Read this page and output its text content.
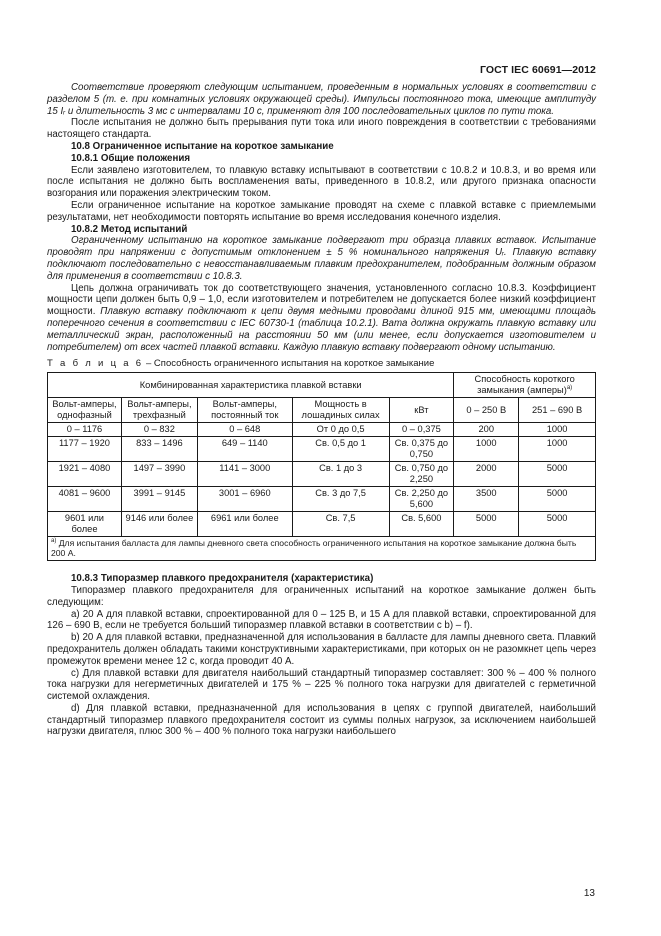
ГОСТ IEC 60691—2012

Соответствие проверяют следующим испытанием, проведенным в нормальных условиях в соответствии с разделом 5 (т. е. при комнатных условиях окружающей среды). Импульсы постоянного тока, имеющие амплитуду 15 Iᵣ и длительность 3 мс с интервалами 10 с, применяют для 100 последовательных циклов по пути тока.

После испытания не должно быть прерывания пути тока или иного повреждения в соответствии с требованиями настоящего стандарта.

10.8 Ограниченное испытание на короткое замыкание

10.8.1 Общие положения

Если заявлено изготовителем, то плавкую вставку испытывают в соответствии с 10.8.2 и 10.8.3, и во время или после испытания не должно быть воспламенения ваты, приведенного в 10.8.2, или другого признака опасности возгорания или поражения электрическим током.

Если ограниченное испытание на короткое замыкание проводят на схеме с плавкой вставке с приемлемыми результатами, нет необходимости повторять испытание во время исследования конечного изделия.

10.8.2 Метод испытаний

Ограниченному испытанию на короткое замыкание подвергают три образца плавких вставок. Испытание проводят при напряжении с допустимым отклонением ± 5 % номинального напряжения Uᵣ. Плавкую вставку подключают последовательно с невосстанавливаемым плавким предохранителем, подобранным должным образом для применения в соответствии с 10.8.3.

Цепь должна ограничивать ток до соответствующего значения, установленного согласно 10.8.3. Коэффициент мощности цепи должен быть 0,9 – 1,0, если изготовителем и потребителем не допускается более низкий коэффициент мощности. Плавкую вставку подключают к цепи двумя медными проводами длиной 915 мм, имеющими площадь поперечного сечения в соответствии с IEC 60730-1 (таблица 10.2.1). Вата должна окружать плавкую вставку или металлический экран, расположенный на расстоянии 50 мм (или менее, если допускается изготовителем и потребителем) от всех частей плавкой вставки. Каждую плавкую вставку подвергают одному испытанию.

Т а б л и ц а 6 – Способность ограниченного испытания на короткое замыкание

Комбинированная характеристика плавкой вставки					Способность короткого замыкания (амперы)$^{а)}$
Вольт-амперы, однофазный	Вольт-амперы, трехфазный	Вольт-амперы, постоянный ток	Мощность в лошадиных силах	кВт	0 – 250 В	251 – 690 В
0 – 1176	0 – 832	0 – 648	От 0 до 0,5	0 – 0,375	200	1000
1177 – 1920	833 – 1496	649 – 1140	Св. 0,5 до 1	Св. 0,375 до 0,750	1000	1000
1921 – 4080	1497 – 3990	1141 – 3000	Св. 1 до 3	Св. 0,750 до 2,250	2000	5000
4081 – 9600	3991 – 9145	3001 – 6960	Св. 3 до 7,5	Св. 2,250 до 5,600	3500	5000
9601 или более	9146 или более	6961 или более	Св. 7,5	Св. 5,600	5000	5000
$^{а)}$ Для испытания балласта для лампы дневного света способность ограниченного испытания на короткое замыкание должна быть 200 А.						

10.8.3 Типоразмер плавкого предохранителя (характеристика)

Типоразмер плавкого предохранителя для ограниченных испытаний на короткое замыкание должен быть следующим:

а) 20 А для плавкой вставки, спроектированной для 0 – 125 В, и 15 А для плавкой вставки, спроектированной для 126 – 690 В, если не требуется больший типоразмер плавкой вставки в соответствии с b) – f).

b) 20 А для плавкой вставки, предназначенной для использования в балласте для лампы дневного света. Плавкий предохранитель должен обладать такими конструктивными характеристиками, при которых он не разомкнет цепь через промежуток времени менее 12 с, когда проводит 40 А.

с) Для плавкой вставки для двигателя наибольший стандартный типоразмер составляет: 300 % – 400 % полного тока нагрузки для негерметичных двигателей и 175 % – 225 % полного тока нагрузки для двигателей с герметичной системой охлаждения.

d) Для плавкой вставки, предназначенной для использования в цепях с группой двигателей, наибольший стандартный типоразмер плавкого предохранителя состоит из суммы полных нагрузок, за исключением наибольшей нагрузки двигателя, плюс 300 % – 400 % полного тока нагрузки наибольшего

13
